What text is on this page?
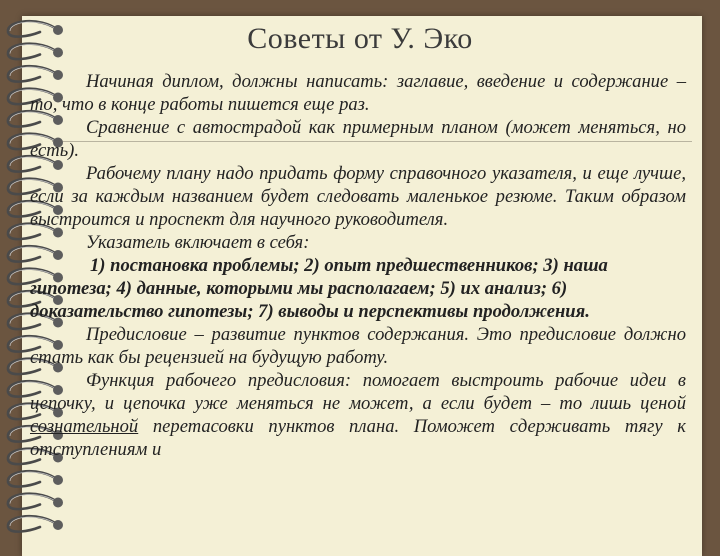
Советы от У. Эко

Начиная диплом, должны написать: заглавие, введение и содержание – то, что в конце работы пишется еще раз.

Сравнение с автострадой как примерным планом (может меняться, но есть).

Рабочему плану надо придать форму справочного указателя, и еще лучше, если за каждым названием будет следовать маленькое резюме. Таким образом выстроится и проспект для научного руководителя.

Указатель включает в себя:

1) постановка проблемы; 2) опыт предшественников; 3) наша гипотеза; 4) данные, которыми мы располагаем; 5) их анализ; 6) доказательство гипотезы; 7) выводы и перспективы продолжения.

Предисловие – развитие пунктов содержания. Это предисловие должно стать как бы рецензией на будущую работу.

Функция рабочего предисловия: помогает выстроить рабочие идеи в цепочку, и цепочка уже меняться не может, а если будет – то лишь ценой сознательной перетасовки пунктов плана. Поможет сдерживать тягу к отступлениям и
